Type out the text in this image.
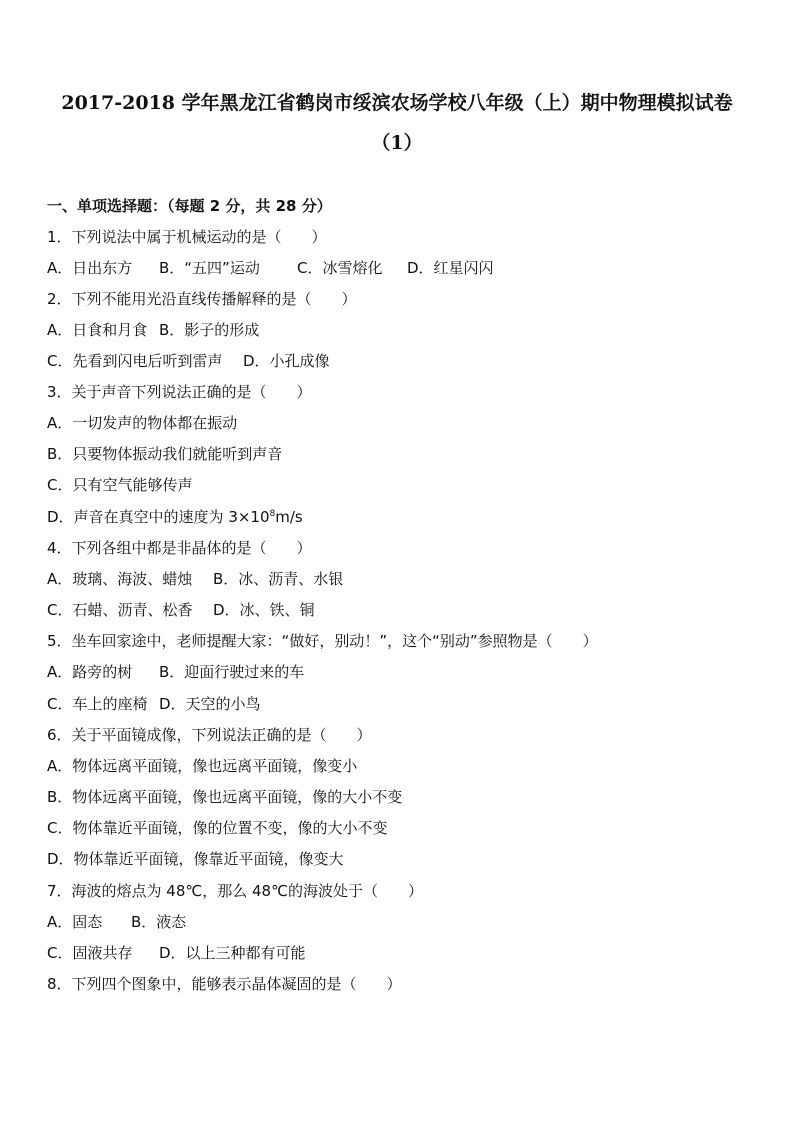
2017-2018 学年黑龙江省鹤岗市绥滨农场学校八年级（上）期中物理模拟试卷
（1）
一、单项选择题：（每题 2 分，共 28 分）
1．下列说法中属于机械运动的是（　　）
A．日出东方 B．“五四”运动 C．冰雪熔化 D．红星闪闪
2．下列不能用光沿直线传播解释的是（　　）
A．日食和月食 B．影子的形成
C．先看到闪电后听到雷声 D．小孔成像
3．关于声音下列说法正确的是（　　）
A．一切发声的物体都在振动
B．只要物体振动我们就能听到声音
C．只有空气能够传声
D．声音在真空中的速度为 $3\times 10^8m/s$
4．下列各组中都是非晶体的是（　　）
A．玻璃、海波、蜡烛 B．冰、沥青、水银
C．石蜡、沥青、松香 D．冰、铁、铜
5．坐车回家途中，老师提醒大家：“做好，别动！”，这个“别动”参照物是（　　）
A．路旁的树 B．迎面行驶过来的车
C．车上的座椅 D．天空的小鸟
6．关于平面镜成像，下列说法正确的是（　　）
A．物体远离平面镜，像也远离平面镜，像变小
B．物体远离平面镜，像也远离平面镜，像的大小不变
C．物体靠近平面镜，像的位置不变，像的大小不变
D．物体靠近平面镜，像靠近平面镜，像变大
7．海波的熔点为 48℃，那么 48℃的海波处于（　　）
A．固态 B．液态
C．固液共存 D．以上三种都有可能
8．下列四个图象中，能够表示晶体凝固的是（　　）
